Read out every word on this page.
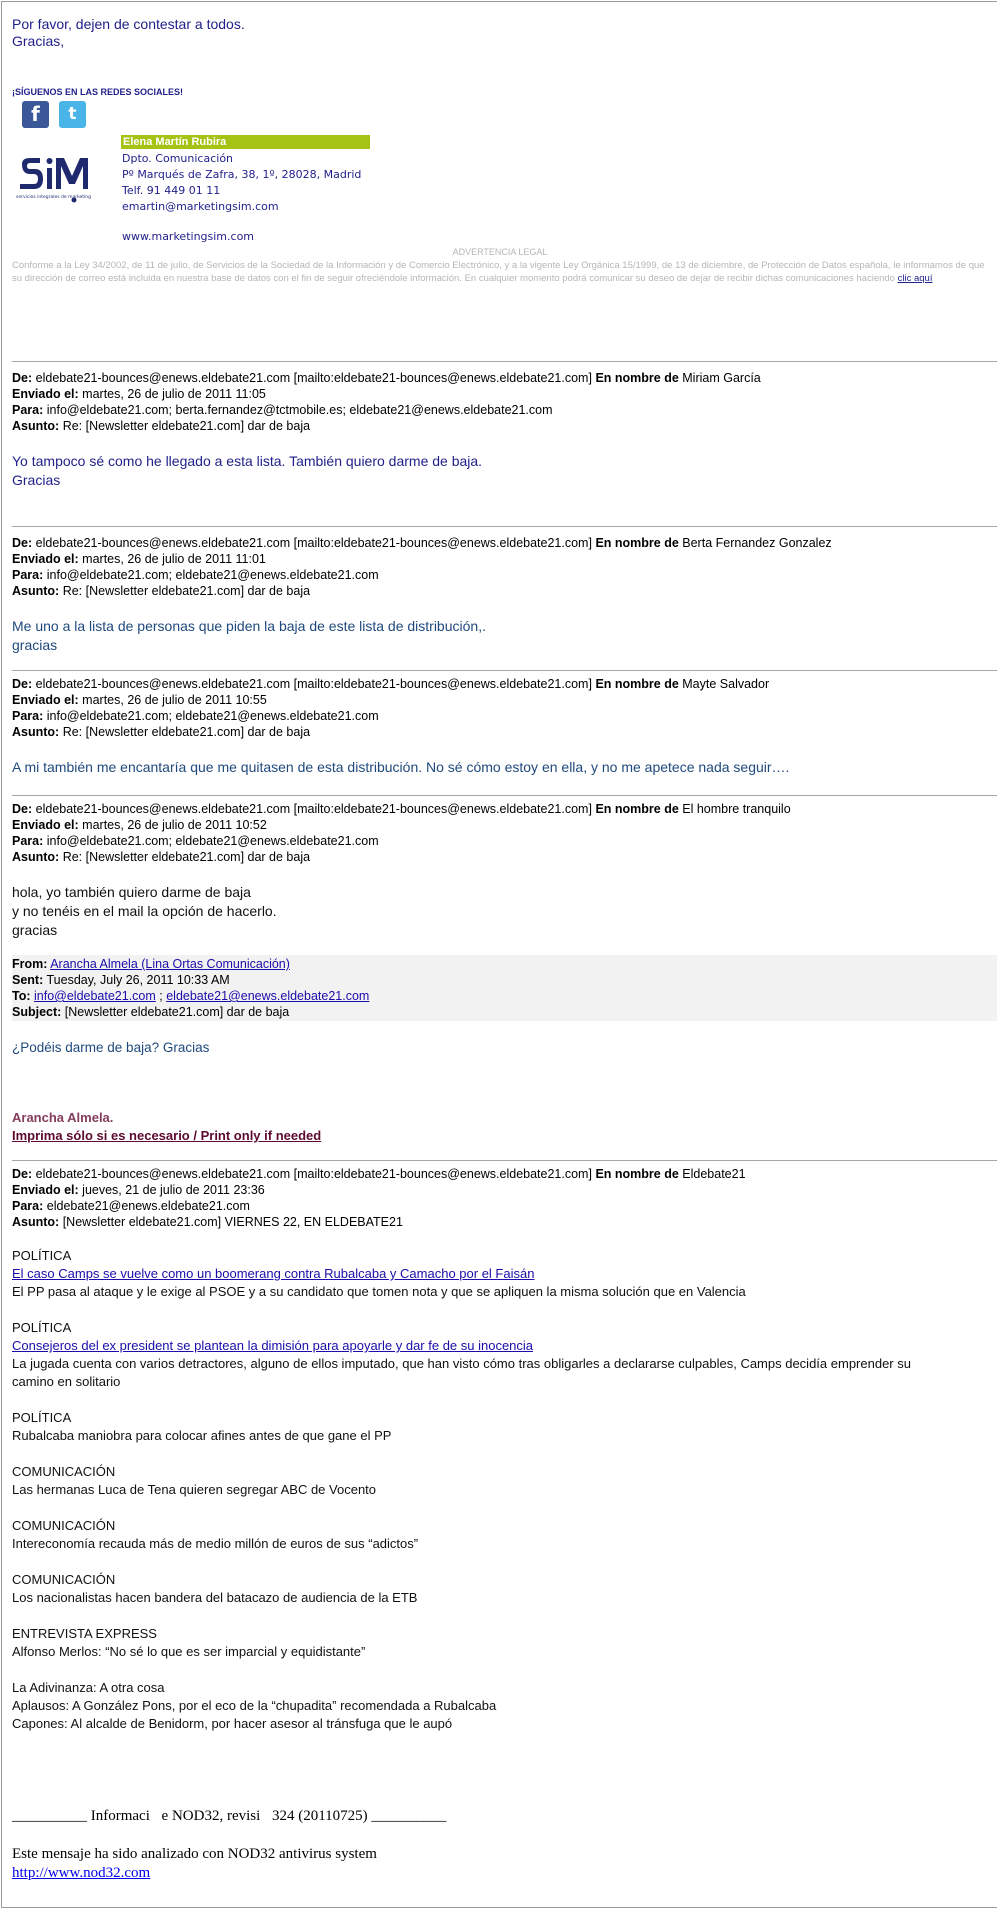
Por favor, dejen de contestar a todos.
Gracias,
¡SÍGUENOS EN LAS REDES SOCIALES!
f	t
servicios integrales de marketing
Elena Martín Rubira
Dpto. Comunicación
Pº Marqués de Zafra, 38, 1º, 28028, Madrid
Telf. 91 449 01 11
emartin@marketingsim.com
www.marketingsim.com
ADVERTENCIA LEGAL
Conforme a la Ley 34/2002, de 11 de julio, de Servicios de la Sociedad de la Información y de Comercio Electrónico, y a la vigente Ley Orgánica 15/1999, de 13 de diciembre, de Protección de Datos española, le informamos de que su dirección de correo está incluida en nuestra base de datos con el fin de seguir ofreciéndole información. En cualquier momento podrá comunicar su deseo de dejar de recibir dichas comunicaciones haciendo clic aquí
De: eldebate21-bounces@enews.eldebate21.com [mailto:eldebate21-bounces@enews.eldebate21.com] En nombre de Miriam García
Enviado el: martes, 26 de julio de 2011 11:05
Para: info@eldebate21.com; berta.fernandez@tctmobile.es; eldebate21@enews.eldebate21.com
Asunto: Re: [Newsletter eldebate21.com] dar de baja
Yo tampoco sé como he llegado a esta lista. También quiero darme de baja.
Gracias
De: eldebate21-bounces@enews.eldebate21.com [mailto:eldebate21-bounces@enews.eldebate21.com] En nombre de Berta Fernandez Gonzalez
Enviado el: martes, 26 de julio de 2011 11:01
Para: info@eldebate21.com; eldebate21@enews.eldebate21.com
Asunto: Re: [Newsletter eldebate21.com] dar de baja
Me uno a la lista de personas que piden la baja de este lista de distribución,.
gracias
De: eldebate21-bounces@enews.eldebate21.com [mailto:eldebate21-bounces@enews.eldebate21.com] En nombre de Mayte Salvador
Enviado el: martes, 26 de julio de 2011 10:55
Para: info@eldebate21.com; eldebate21@enews.eldebate21.com
Asunto: Re: [Newsletter eldebate21.com] dar de baja
A mi también me encantaría que me quitasen de esta distribución. No sé cómo estoy en ella, y no me apetece nada seguir….
De: eldebate21-bounces@enews.eldebate21.com [mailto:eldebate21-bounces@enews.eldebate21.com] En nombre de El hombre tranquilo
Enviado el: martes, 26 de julio de 2011 10:52
Para: info@eldebate21.com; eldebate21@enews.eldebate21.com
Asunto: Re: [Newsletter eldebate21.com] dar de baja
hola, yo también quiero darme de baja
y no tenéis en el mail la opción de hacerlo.
gracias
From: Arancha Almela (Lina Ortas Comunicación)
Sent: Tuesday, July 26, 2011 10:33 AM
To: info@eldebate21.com ; eldebate21@enews.eldebate21.com
Subject: [Newsletter eldebate21.com] dar de baja
¿Podéis darme de baja? Gracias
Arancha Almela.
Imprima sólo si es necesario / Print only if needed
De: eldebate21-bounces@enews.eldebate21.com [mailto:eldebate21-bounces@enews.eldebate21.com] En nombre de Eldebate21
Enviado el: jueves, 21 de julio de 2011 23:36
Para: eldebate21@enews.eldebate21.com
Asunto: [Newsletter eldebate21.com] VIERNES 22, EN ELDEBATE21
POLÍTICA
El caso Camps se vuelve como un boomerang contra Rubalcaba y Camacho por el Faisán
El PP pasa al ataque y le exige al PSOE y a su candidato que tomen nota y que se apliquen la misma solución que en Valencia
POLÍTICA
Consejeros del ex president se plantean la dimisión para apoyarle y dar fe de su inocencia
La jugada cuenta con varios detractores, alguno de ellos imputado, que han visto cómo tras obligarles a declararse culpables, Camps decidía emprender su
camino en solitario
POLÍTICA
Rubalcaba maniobra para colocar afines antes de que gane el PP
COMUNICACIÓN
Las hermanas Luca de Tena quieren segregar ABC de Vocento
COMUNICACIÓN
Intereconomía recauda más de medio millón de euros de sus “adictos”
COMUNICACIÓN
Los nacionalistas hacen bandera del batacazo de audiencia de la ETB
ENTREVISTA EXPRESS
Alfonso Merlos: “No sé lo que es ser imparcial y equidistante”
La Adivinanza: A otra cosa
Aplausos: A González Pons, por el eco de la “chupadita” recomendada a Rubalcaba
Capones: Al alcalde de Benidorm, por hacer asesor al tránsfuga que le aupó
__________ Informaci e NOD32, revisi 324 (20110725) __________
Este mensaje ha sido analizado con NOD32 antivirus system
http://www.nod32.com
